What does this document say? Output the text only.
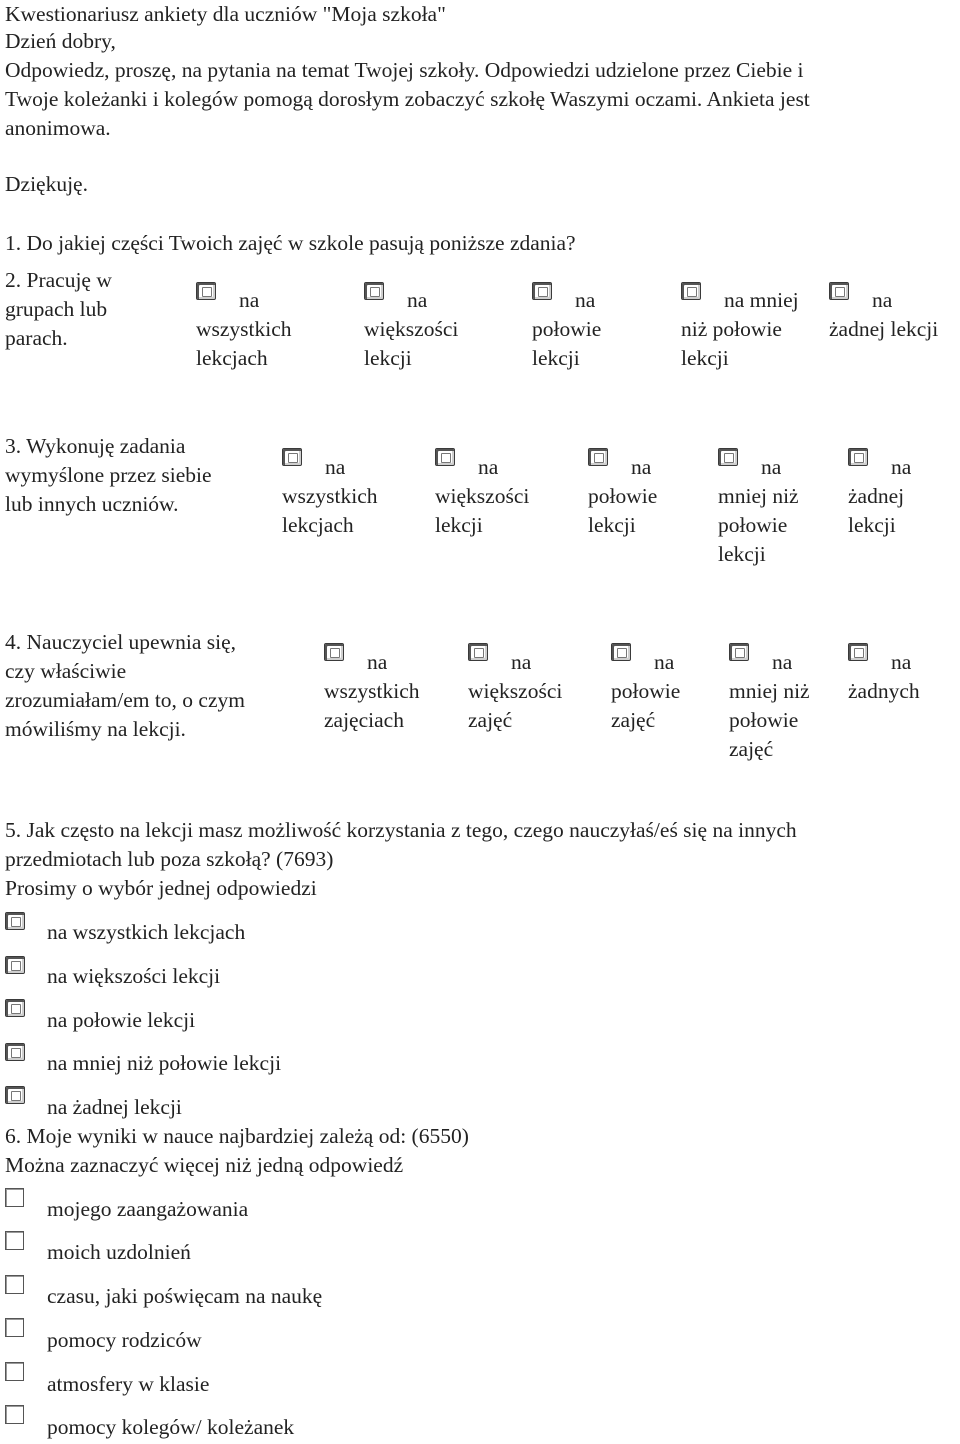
Kwestionariusz ankiety dla uczniów "Moja szkoła"
Dzień dobry,
Odpowiedz, proszę, na pytania na temat Twojej szkoły. Odpowiedzi udzielone przez Ciebie i
Twoje koleżanki i kolegów pomogą dorosłym zobaczyć szkołę Waszymi oczami. Ankieta jest
anonimowa.
Dziękuję.
1. Do jakiej części Twoich zajęć w szkole pasują poniższe zdania?
2. Pracuję w
grupach lub
parach.
na
wszystkich
lekcjach
na
większości
lekcji
na
połowie
lekcji
na mniej
niż połowie
lekcji
na
żadnej lekcji
3. Wykonuję zadania
wymyślone przez siebie
lub innych uczniów.
na
wszystkich
lekcjach
na
większości
lekcji
na
połowie
lekcji
na
mniej niż
połowie
lekcji
na
żadnej
lekcji
4. Nauczyciel upewnia się,
czy właściwie
zrozumiałam/em to, o czym
mówiliśmy na lekcji.
na
wszystkich
zajęciach
na
większości
zajęć
na
połowie
zajęć
na
mniej niż
połowie
zajęć
na
żadnych
5. Jak często na lekcji masz możliwość korzystania z tego, czego nauczyłaś/eś się na innych
przedmiotach lub poza szkołą? (7693)
Prosimy o wybór jednej odpowiedzi
na wszystkich lekcjach
na większości lekcji
na połowie lekcji
na mniej niż połowie lekcji
na żadnej lekcji
6. Moje wyniki w nauce najbardziej zależą od: (6550)
Można zaznaczyć więcej niż jedną odpowiedź
mojego zaangażowania
moich uzdolnień
czasu, jaki poświęcam na naukę
pomocy rodziców
atmosfery w klasie
pomocy kolegów/ koleżanek
